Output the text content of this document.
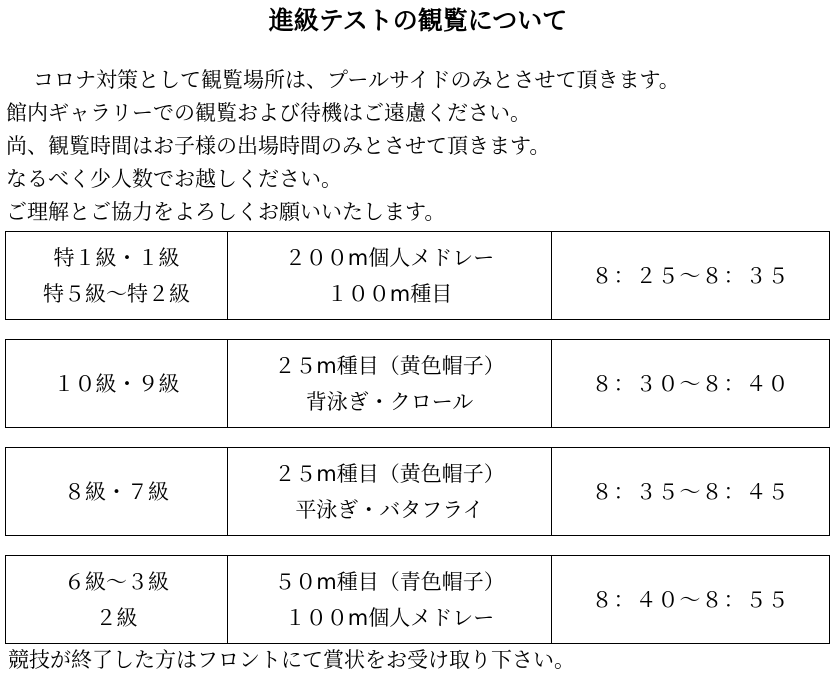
進級テストの観覧について

コロナ対策として観覧場所は、プールサイドのみとさせて頂きます。

館内ギャラリーでの観覧および待機はご遠慮ください。

尚、観覧時間はお子様の出場時間のみとさせて頂きます。

なるべく少人数でお越しください。

ご理解とご協力をよろしくお願いいたします。

特１級・１級
特５級～特２級

２００m個人メドレー
１００m種目
	８：２５～８：３５
１０級・９級

２５m種目（黄色帽子）
背泳ぎ・クロール
	８：３０～８：４０
８級・７級

２５m種目（黄色帽子）
平泳ぎ・バタフライ
	８：３５～８：４５
６級～３級
２級

５０m種目（青色帽子）
１００m個人メドレー
	８：４０～８：５５
競技が終了した方はフロントにて賞状をお受け取り下さい。
